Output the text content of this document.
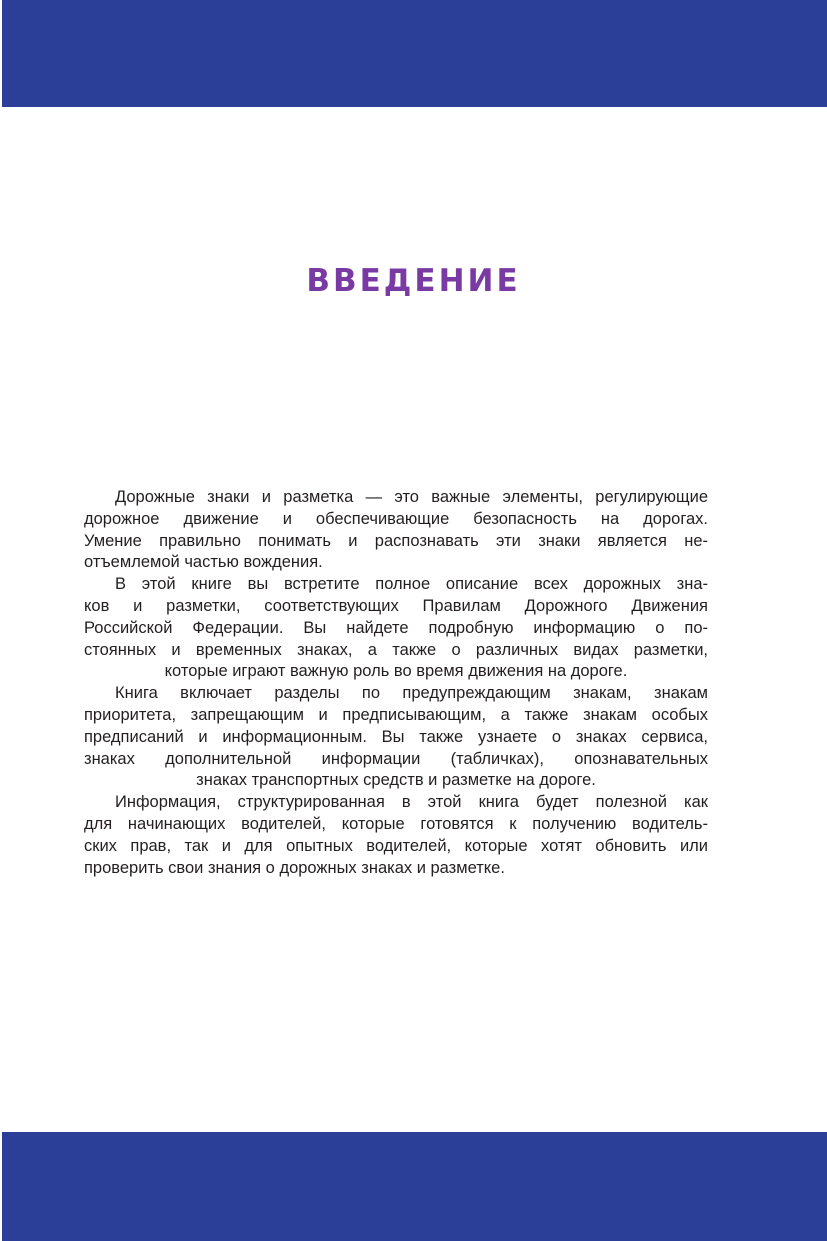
ВВЕДЕНИЕ
Дорожные знаки и разметка — это важные элементы, регулирующие
дорожное движение и обеспечивающие безопасность на дорогах.
Умение правильно понимать и распознавать эти знаки является не-
отъемлемой частью вождения.
В этой книге вы встретите полное описание всех дорожных зна-
ков и разметки, соответствующих Правилам Дорожного Движения
Российской Федерации. Вы найдете подробную информацию о по-
стоянных и временных знаках, а также о различных видах разметки,
которые играют важную роль во время движения на дороге.
Книга включает разделы по предупреждающим знакам, знакам
приоритета, запрещающим и предписывающим, а также знакам особых
предписаний и информационным. Вы также узнаете о знаках сервиса,
знаках дополнительной информации (табличках), опознавательных
знаках транспортных средств и разметке на дороге.
Информация, структурированная в этой книга будет полезной как
для начинающих водителей, которые готовятся к получению водитель-
ских прав, так и для опытных водителей, которые хотят обновить или
проверить свои знания о дорожных знаках и разметке.
